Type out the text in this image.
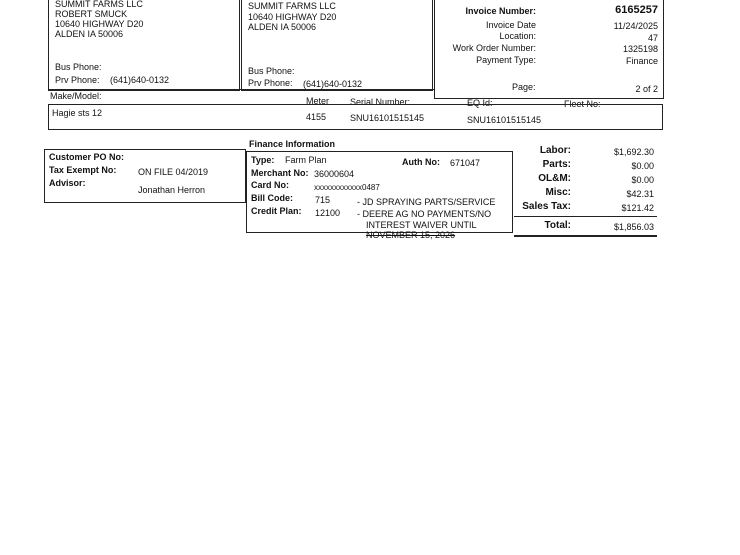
SUMMIT FARMS LLC
ROBERT SMUCK
10640 HIGHWAY D20
ALDEN IA 50006
Bus Phone:
Prv Phone: (641)640-0132
SUMMIT FARMS LLC
10640 HIGHWAY D20
ALDEN IA 50006
Bus Phone:
Prv Phone: (641)640-0132
Invoice Number:	6165257
Invoice Date	11/24/2025
Location:	47
Work Order Number:	1325198
Payment Type:	Finance
Page:	2 of 2
Make/Model:	Meter Serial Number:	EQ Id:	Fleet No:
Hagie sts 12	4155	SNU16101515145	SNU16101515145
Customer PO No:
Tax Exempt No: ON FILE 04/2019
Advisor:
Jonathan Herron
Finance Information
Type: Farm Plan	Auth No: 671047
Merchant No: 36000604
Card No:	xxxxxxxxxxxx0487
Bill Code: 715	- JD SPRAYING PARTS/SERVICE
Credit Plan: 12100 - DEERE AG NO PAYMENTS/NO
INTEREST WAIVER UNTIL
NOVEMBER 15, 2026
Labor:	$1,692.30
Parts:	$0.00
OL&M:	$0.00
Misc:	$42.31
Sales Tax:	$121.42
Total:	$1,856.03
